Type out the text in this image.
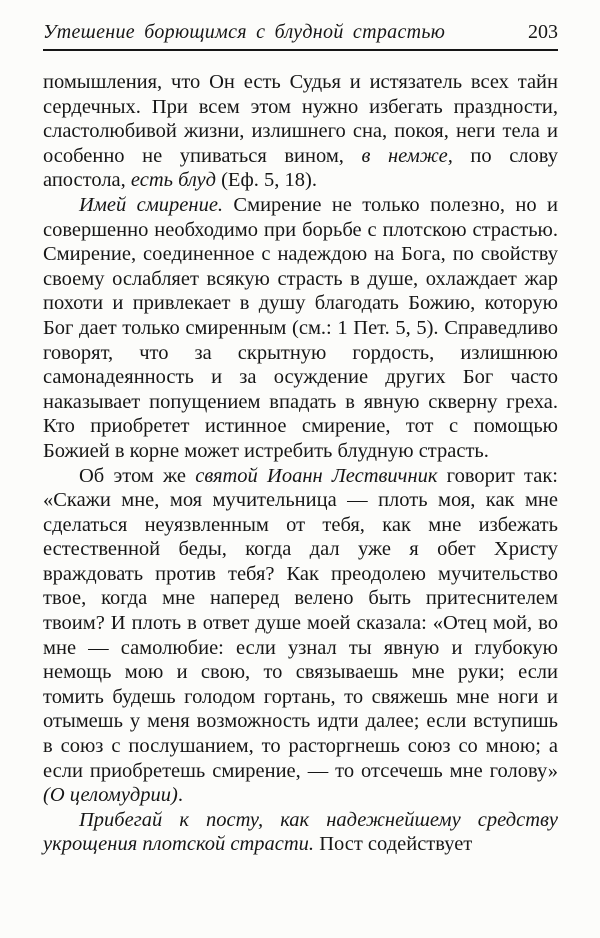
Утешение борющимся с блудной страстью	203

помышления, что Он есть Судья и истязатель всех тайн сердечных. При всем этом нужно избегать праздности, сластолюбивой жизни, излишнего сна, покоя, неги тела и особенно не упиваться вином, в немже, по слову апостола, есть блуд (Еф. 5, 18).

Имей смирение. Смирение не только полезно, но и совершенно необходимо при борьбе с плотскою страстью. Смирение, соединенное с надеждою на Бога, по свойству своему ослабляет всякую страсть в душе, охлаждает жар похоти и привлекает в душу благодать Божию, которую Бог дает только смиренным (см.: 1 Пет. 5, 5). Справедливо говорят, что за скрытную гордость, излишнюю самонадеянность и за осуждение других Бог часто наказывает попущением впадать в явную скверну греха. Кто приобретет истинное смирение, тот с помощью Божией в корне может истребить блудную страсть.

Об этом же святой Иоанн Лествичник говорит так: «Скажи мне, моя мучительница — плоть моя, как мне сделаться неуязвленным от тебя, как мне избежать естественной беды, когда дал уже я обет Христу враждовать против тебя? Как преодолею мучительство твое, когда мне наперед велено быть притеснителем твоим? И плоть в ответ душе моей сказала: «Отец мой, во мне — самолюбие: если узнал ты явную и глубокую немощь мою и свою, то связываешь мне руки; если томить будешь голодом гортань, то свяжешь мне ноги и отымешь у меня возможность идти далее; если вступишь в союз с послушанием, то расторгнешь союз со мною; а если приобретешь смирение, — то отсечешь мне голову» (О целомудрии).

Прибегай к посту, как надежнейшему средству укрощения плотской страсти. Пост содействует
